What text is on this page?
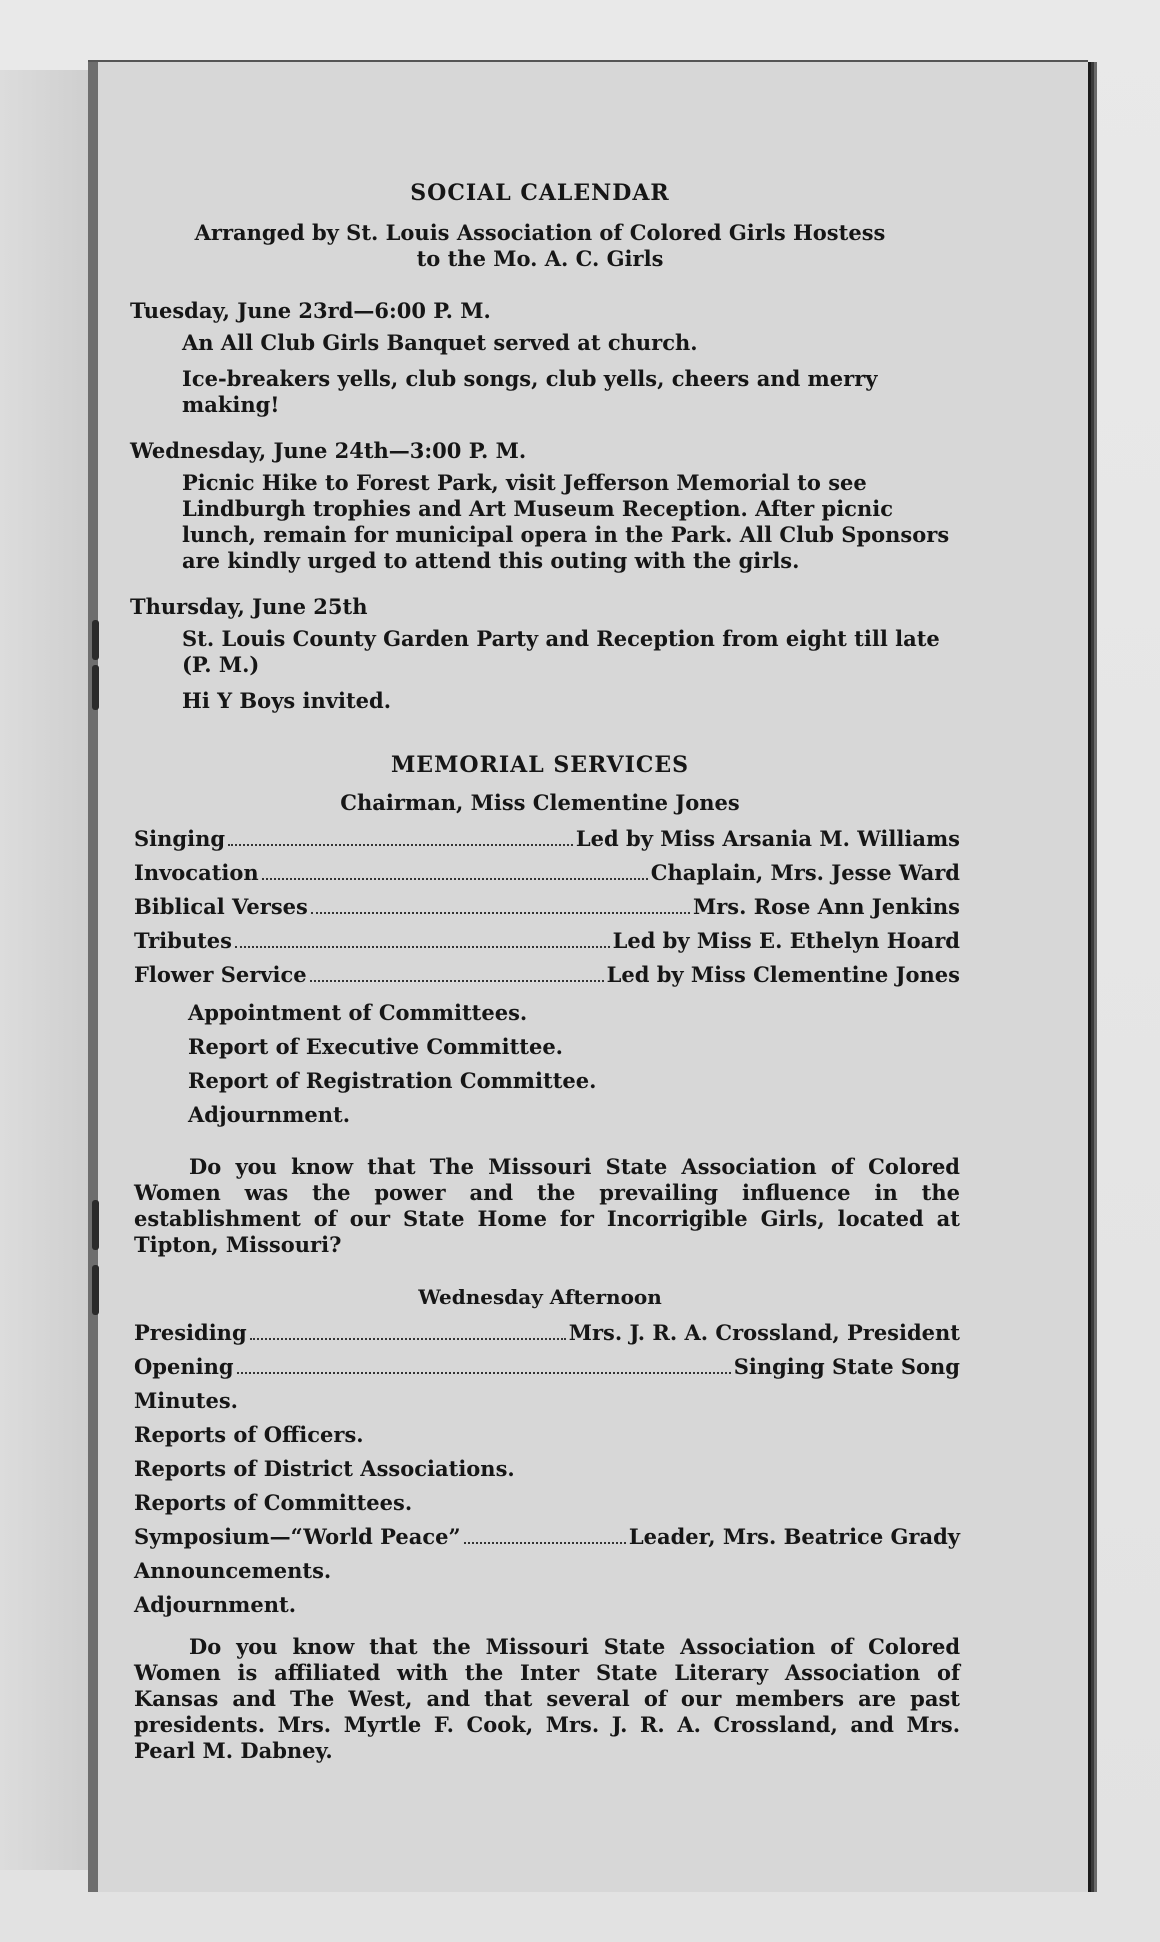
SOCIAL CALENDAR
Arranged by St. Louis Association of Colored Girls Hostess
to the Mo. A. C. Girls
Tuesday, June 23rd—6:00 P. M.
An All Club Girls Banquet served at church.
Ice-breakers yells, club songs, club yells, cheers and merry making!
Wednesday, June 24th—3:00 P. M.
Picnic Hike to Forest Park, visit Jefferson Memorial to see Lindburgh trophies and Art Museum Reception. After picnic lunch, remain for municipal opera in the Park. All Club Sponsors are kindly urged to attend this outing with the girls.
Thursday, June 25th
St. Louis County Garden Party and Reception from eight till late (P. M.)
Hi Y Boys invited.
MEMORIAL SERVICES
Chairman, Miss Clementine Jones
Singing	Led by Miss Arsania M. Williams
Invocation	Chaplain, Mrs. Jesse Ward
Biblical Verses	Mrs. Rose Ann Jenkins
Tributes	Led by Miss E. Ethelyn Hoard
Flower Service	Led by Miss Clementine Jones
Appointment of Committees.
Report of Executive Committee.
Report of Registration Committee.
Adjournment.
Do you know that The Missouri State Association of Colored Women was the power and the prevailing influence in the establishment of our State Home for Incorrigible Girls, located at Tipton, Missouri?
Wednesday Afternoon
Presiding	Mrs. J. R. A. Crossland, President
Opening	Singing State Song
Minutes.
Reports of Officers.
Reports of District Associations.
Reports of Committees.
Symposium—“World Peace”	Leader, Mrs. Beatrice Grady
Announcements.
Adjournment.
Do you know that the Missouri State Association of Colored Women is affiliated with the Inter State Literary Association of Kansas and The West, and that several of our members are past presidents. Mrs. Myrtle F. Cook, Mrs. J. R. A. Crossland, and Mrs. Pearl M. Dabney.
